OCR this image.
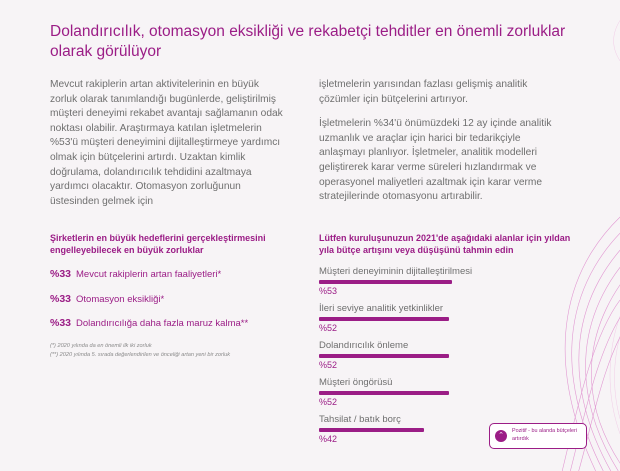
Dolandırıcılık, otomasyon eksikliği ve rekabetçi tehditler en önemli zorluklar olarak görülüyor

Mevcut rakiplerin artan aktivitelerinin en büyük zorluk olarak tanımlandığı bugünlerde, geliştirilmiş müşteri deneyimi rekabet avantajı sağlamanın odak noktası olabilir. Araştırmaya katılan işletmelerin %53'ü müşteri deneyimini dijitalleştirmeye yardımcı olmak için bütçelerini artırdı. Uzaktan kimlik doğrulama, dolandırıcılık tehdidini azaltmaya yardımcı olacaktır. Otomasyon zorluğunun üstesinden gelmek için

işletmelerin yarısından fazlası gelişmiş analitik çözümler için bütçelerini artırıyor.

İşletmelerin %34'ü önümüzdeki 12 ay içinde analitik uzmanlık ve araçlar için harici bir tedarikçiyle anlaşmayı planlıyor. İşletmeler, analitik modelleri geliştirerek karar verme süreleri hızlandırmak ve operasyonel maliyetleri azaltmak için karar verme stratejilerinde otomasyonu artırabilir.

Şirketlerin en büyük hedeflerini gerçekleştirmesini engelleyebilecek en büyük zorluklar
%33 Mevcut rakiplerin artan faaliyetleri*
%33 Otomasyon eksikliği*
%33 Dolandırıcılığa daha fazla maruz kalma**
(*) 2020 yılında da en önemli ilk iki zorluk
(**) 2020 yılında 5. sırada değerlendirilen ve önceliği artan yeni bir zorluk
Lütfen kuruluşunuzun 2021'de aşağıdaki alanlar için yıldan yıla bütçe artışını veya düşüşünü tahmin edin
Müşteri deneyiminin dijitalleştirilmesi
%53
İleri seviye analitik yetkinlikler
%52
Dolandırıcılık önleme
%52
Müşteri öngörüsü
%52
Tahsilat / batık borç
%42	⌃
Pozitif - bu alanda bütçeleri artırdık
